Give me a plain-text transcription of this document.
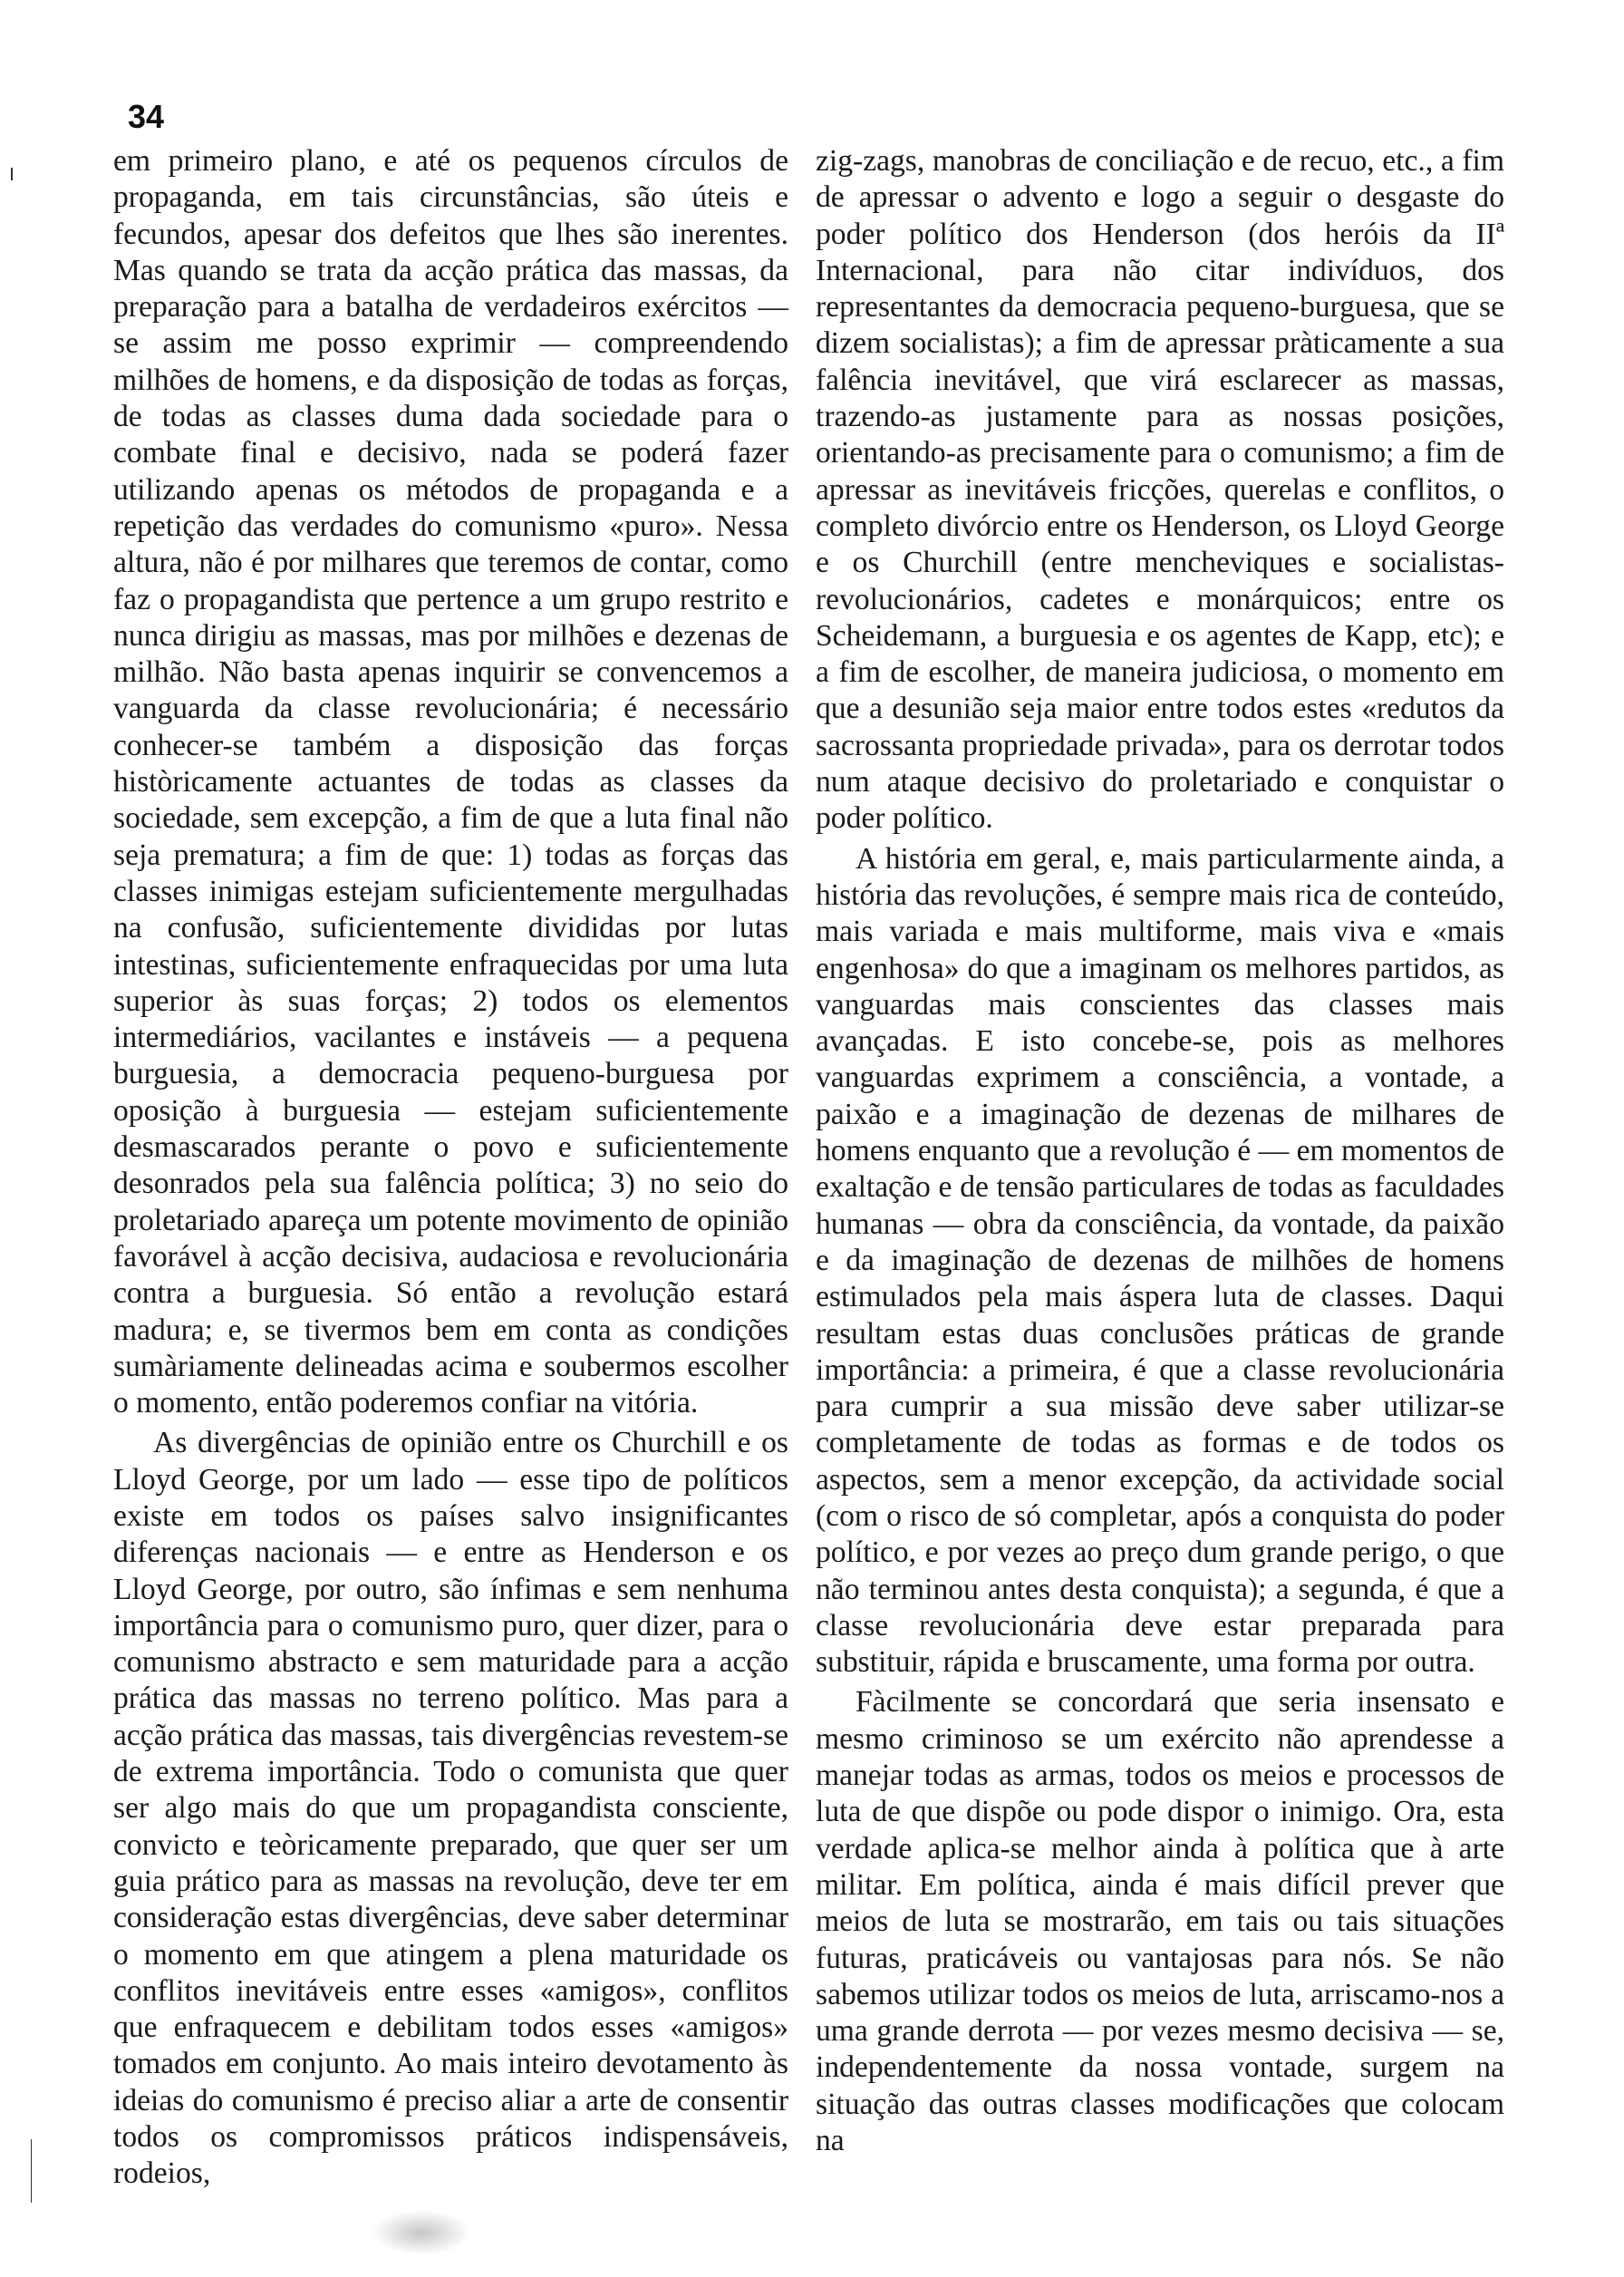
34

em primeiro plano, e até os pequenos círculos de propaganda, em tais circunstâncias, são úteis e fecundos, apesar dos defeitos que lhes são inerentes. Mas quando se trata da acção prática das massas, da preparação para a batalha de verdadeiros exércitos — se assim me posso exprimir — compreendendo milhões de homens, e da disposição de todas as forças, de todas as classes duma dada sociedade para o combate final e decisivo, nada se poderá fazer utilizando apenas os métodos de propaganda e a repetição das verdades do comunismo «puro». Nessa altura, não é por milhares que teremos de contar, como faz o propagandista que pertence a um grupo restrito e nunca dirigiu as massas, mas por milhões e dezenas de milhão. Não basta apenas inquirir se convencemos a vanguarda da classe revolucionária; é necessário conhecer-se também a disposição das forças històricamente actuantes de todas as classes da sociedade, sem excepção, a fim de que a luta final não seja prematura; a fim de que: 1) todas as forças das classes inimigas estejam suficientemente mergulhadas na confusão, suficientemente divididas por lutas intestinas, suficientemente enfraquecidas por uma luta superior às suas forças; 2) todos os elementos intermediários, vacilantes e instáveis — a pequena burguesia, a democracia pequeno-burguesa por oposição à burguesia — estejam suficientemente desmascarados perante o povo e suficientemente desonrados pela sua falência política; 3) no seio do proletariado apareça um potente movimento de opinião favorável à acção decisiva, audaciosa e revolucionária contra a burguesia. Só então a revolução estará madura; e, se tivermos bem em conta as condições sumàriamente delineadas acima e soubermos escolher o momento, então poderemos confiar na vitória.

As divergências de opinião entre os Churchill e os Lloyd George, por um lado — esse tipo de políticos existe em todos os países salvo insignificantes diferenças nacionais — e entre as Henderson e os Lloyd George, por outro, são ínfimas e sem nenhuma importância para o comunismo puro, quer dizer, para o comunismo abstracto e sem maturidade para a acção prática das massas no terreno político. Mas para a acção prática das massas, tais divergências revestem-se de extrema importância. Todo o comunista que quer ser algo mais do que um propagandista consciente, convicto e teòricamente preparado, que quer ser um guia prático para as massas na revolução, deve ter em consideração estas divergências, deve saber determinar o momento em que atingem a plena maturidade os conflitos inevitáveis entre esses «amigos», conflitos que enfraquecem e debilitam todos esses «amigos» tomados em conjunto. Ao mais inteiro devotamento às ideias do comunismo é preciso aliar a arte de consentir todos os compromissos práticos indispensáveis, rodeios,

zig-zags, manobras de conciliação e de recuo, etc., a fim de apressar o advento e logo a seguir o desgaste do poder político dos Henderson (dos heróis da IIª Internacional, para não citar indivíduos, dos representantes da democracia pequeno-burguesa, que se dizem socialistas); a fim de apressar pràticamente a sua falência inevitável, que virá esclarecer as massas, trazendo-as justamente para as nossas posições, orientando-as precisamente para o comunismo; a fim de apressar as inevitáveis fricções, querelas e conflitos, o completo divórcio entre os Henderson, os Lloyd George e os Churchill (entre mencheviques e socialistas-revolucionários, cadetes e monárquicos; entre os Scheidemann, a burguesia e os agentes de Kapp, etc); e a fim de escolher, de maneira judiciosa, o momento em que a desunião seja maior entre todos estes «redutos da sacrossanta propriedade privada», para os derrotar todos num ataque decisivo do proletariado e conquistar o poder político.

A história em geral, e, mais particularmente ainda, a história das revoluções, é sempre mais rica de conteúdo, mais variada e mais multiforme, mais viva e «mais engenhosa» do que a imaginam os melhores partidos, as vanguardas mais conscientes das classes mais avançadas. E isto concebe-se, pois as melhores vanguardas exprimem a consciência, a vontade, a paixão e a imaginação de dezenas de milhares de homens enquanto que a revolução é — em momentos de exaltação e de tensão particulares de todas as faculdades humanas — obra da consciência, da vontade, da paixão e da imaginação de dezenas de milhões de homens estimulados pela mais áspera luta de classes. Daqui resultam estas duas conclusões práticas de grande importância: a primeira, é que a classe revolucionária para cumprir a sua missão deve saber utilizar-se completamente de todas as formas e de todos os aspectos, sem a menor excepção, da actividade social (com o risco de só completar, após a conquista do poder político, e por vezes ao preço dum grande perigo, o que não terminou antes desta conquista); a segunda, é que a classe revolucionária deve estar preparada para substituir, rápida e bruscamente, uma forma por outra.

Fàcilmente se concordará que seria insensato e mesmo criminoso se um exército não aprendesse a manejar todas as armas, todos os meios e processos de luta de que dispõe ou pode dispor o inimigo. Ora, esta verdade aplica-se melhor ainda à política que à arte militar. Em política, ainda é mais difícil prever que meios de luta se mostrarão, em tais ou tais situações futuras, praticáveis ou vantajosas para nós. Se não sabemos utilizar todos os meios de luta, arriscamo-nos a uma grande derrota — por vezes mesmo decisiva — se, independentemente da nossa vontade, surgem na situação das outras classes modificações que colocam na
